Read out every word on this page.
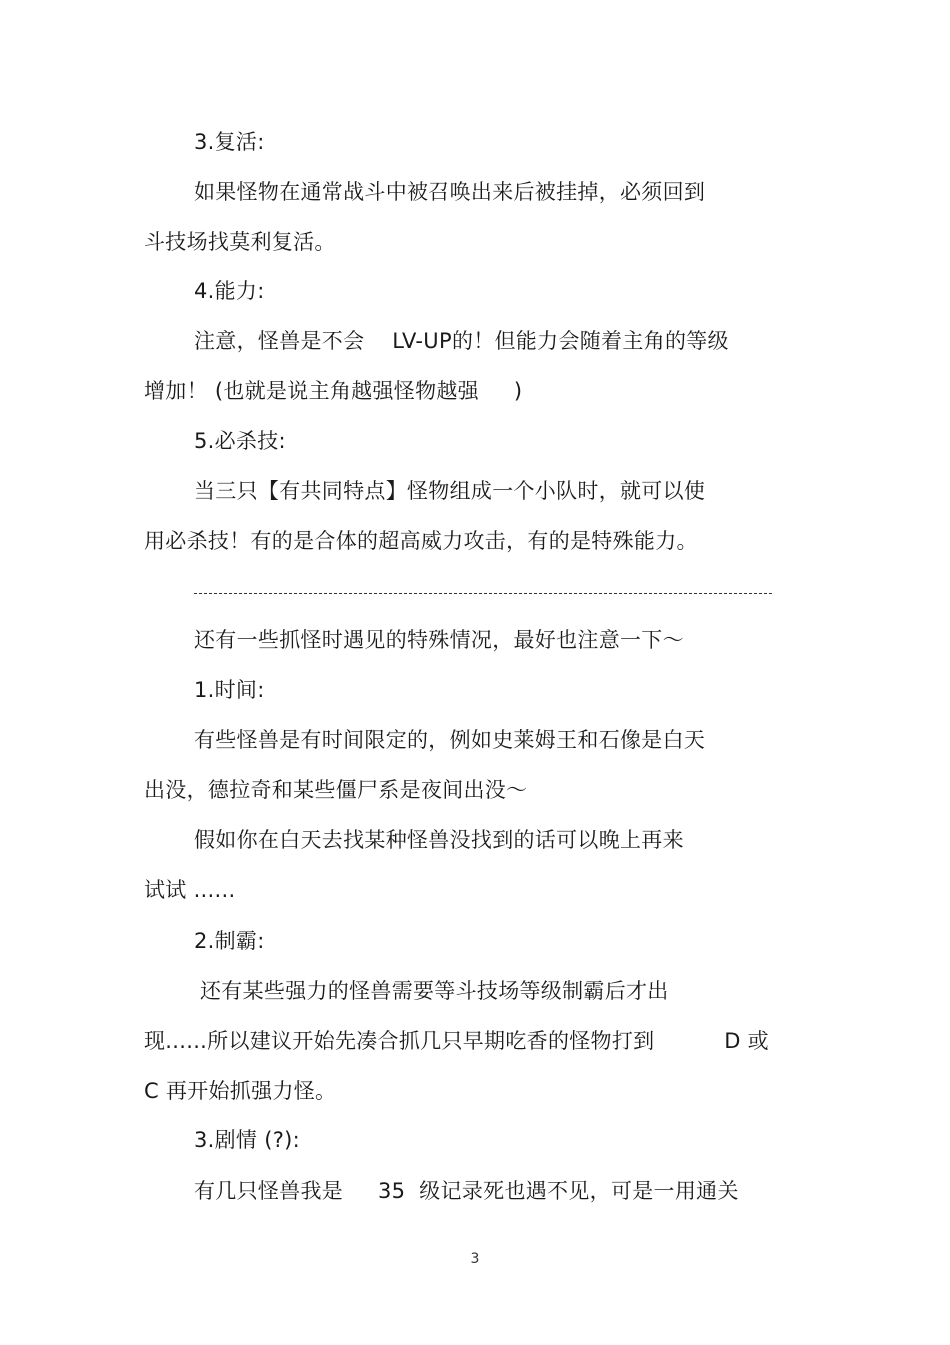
3.复活:
如果怪物在通常战斗中被召唤出来后被挂掉，必须回到
斗技场找莫利复活。
4.能力:
注意，怪兽是不会    LV-UP的！但能力会随着主角的等级
增加！ (也就是说主角越强怪物越强     )
5.必杀技:
当三只【有共同特点】怪物组成一个小队时，就可以使
用必杀技！有的是合体的超高威力攻击，有的是特殊能力。
还有一些抓怪时遇见的特殊情况，最好也注意一下～
1.时间:
有些怪兽是有时间限定的，例如史莱姆王和石像是白天
出没，德拉奇和某些僵尸系是夜间出没～
假如你在白天去找某种怪兽没找到的话可以晚上再来
试试 ......
2.制霸:
还有某些强力的怪兽需要等斗技场等级制霸后才出
现......所以建议开始先凑合抓几只早期吃香的怪物打到          D 或
C 再开始抓强力怪。
3.剧情 (?):
有几只怪兽我是     35  级记录死也遇不见，可是一用通关
3
